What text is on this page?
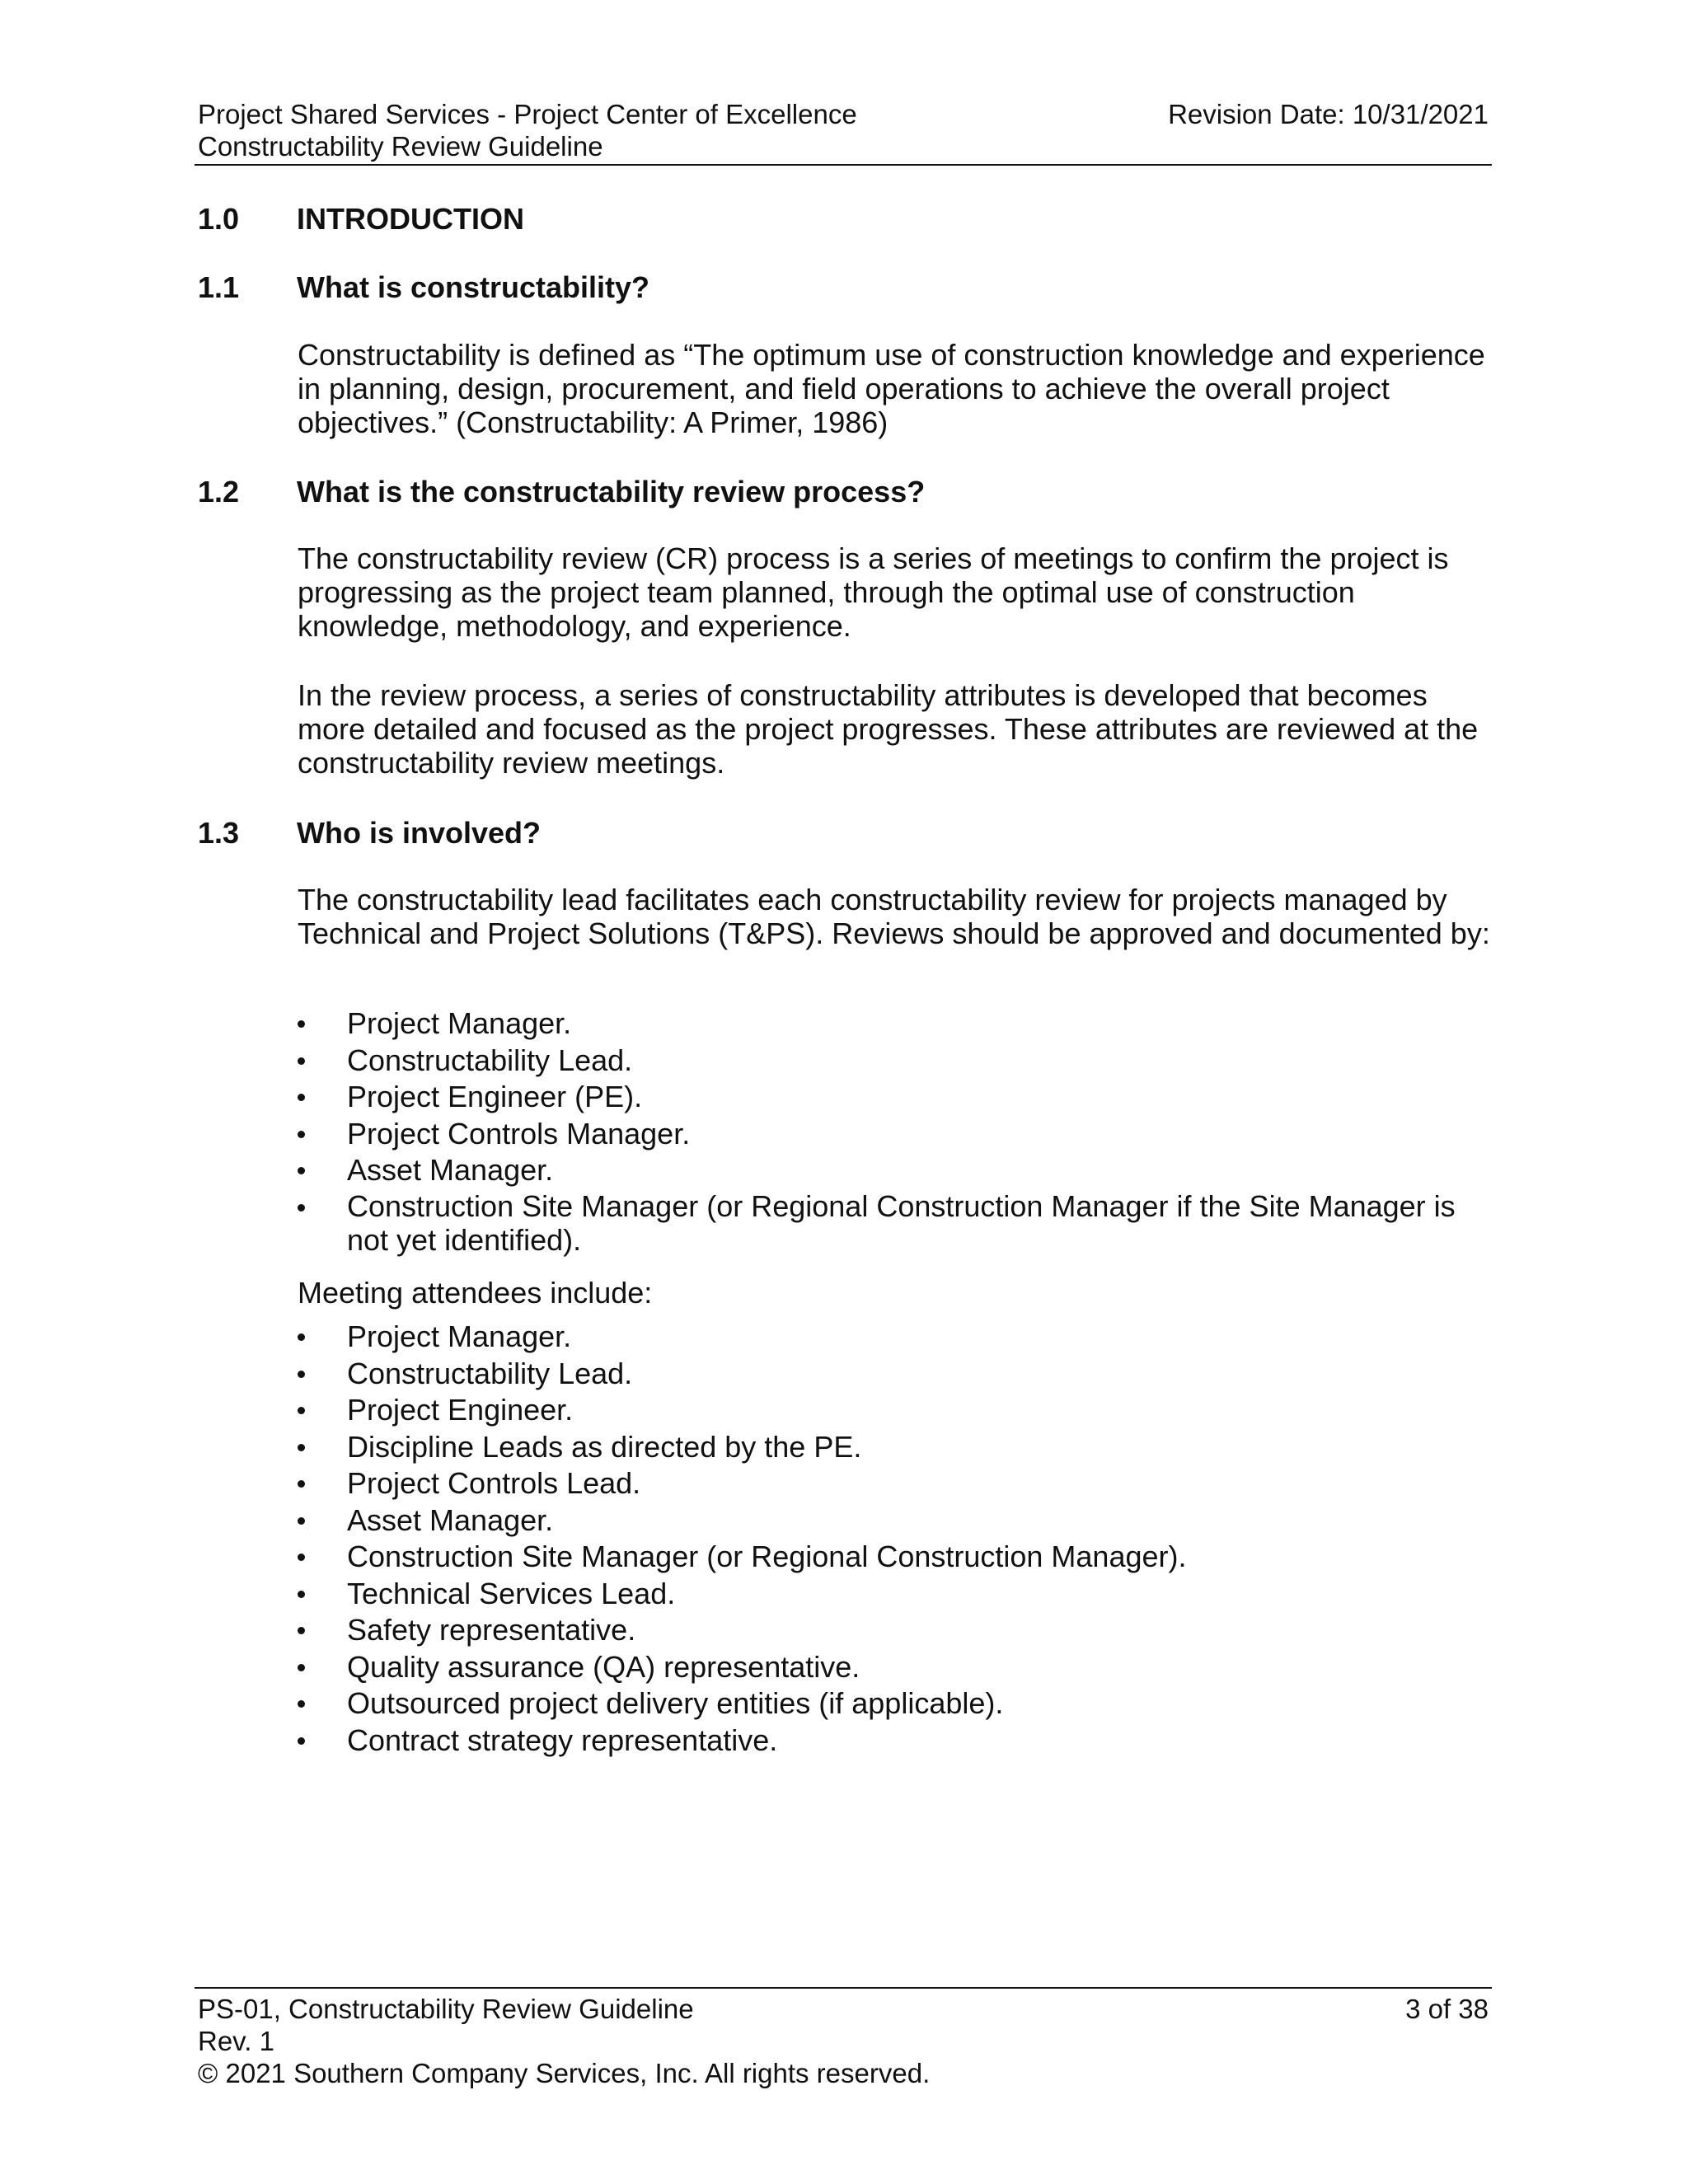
Project Shared Services - Project Center of Excellence	Revision Date: 10/31/2021
Constructability Review Guideline
1.0 INTRODUCTION
1.1 What is constructability?

Constructability is defined as “The optimum use of construction knowledge and experience in planning, design, procurement, and field operations to achieve the overall project objectives.” (Constructability: A Primer, 1986)

1.2 What is the constructability review process?

The constructability review (CR) process is a series of meetings to confirm the project is progressing as the project team planned, through the optimal use of construction knowledge, methodology, and experience.

In the review process, a series of constructability attributes is developed that becomes more detailed and focused as the project progresses. These attributes are reviewed at the constructability review meetings.

1.3 Who is involved?

The constructability lead facilitates each constructability review for projects managed by Technical and Project Solutions (T&PS). Reviews should be approved and documented by:

Project Manager.
Constructability Lead.
Project Engineer (PE).
Project Controls Manager.
Asset Manager.
Construction Site Manager (or Regional Construction Manager if the Site Manager is not yet identified).
Meeting attendees include:
Project Manager.
Constructability Lead.
Project Engineer.
Discipline Leads as directed by the PE.
Project Controls Lead.
Asset Manager.
Construction Site Manager (or Regional Construction Manager).
Technical Services Lead.
Safety representative.
Quality assurance (QA) representative.
Outsourced project delivery entities (if applicable).
Contract strategy representative.
PS-01, Constructability Review Guideline	3 of 38
Rev. 1
© 2021 Southern Company Services, Inc. All rights reserved.
